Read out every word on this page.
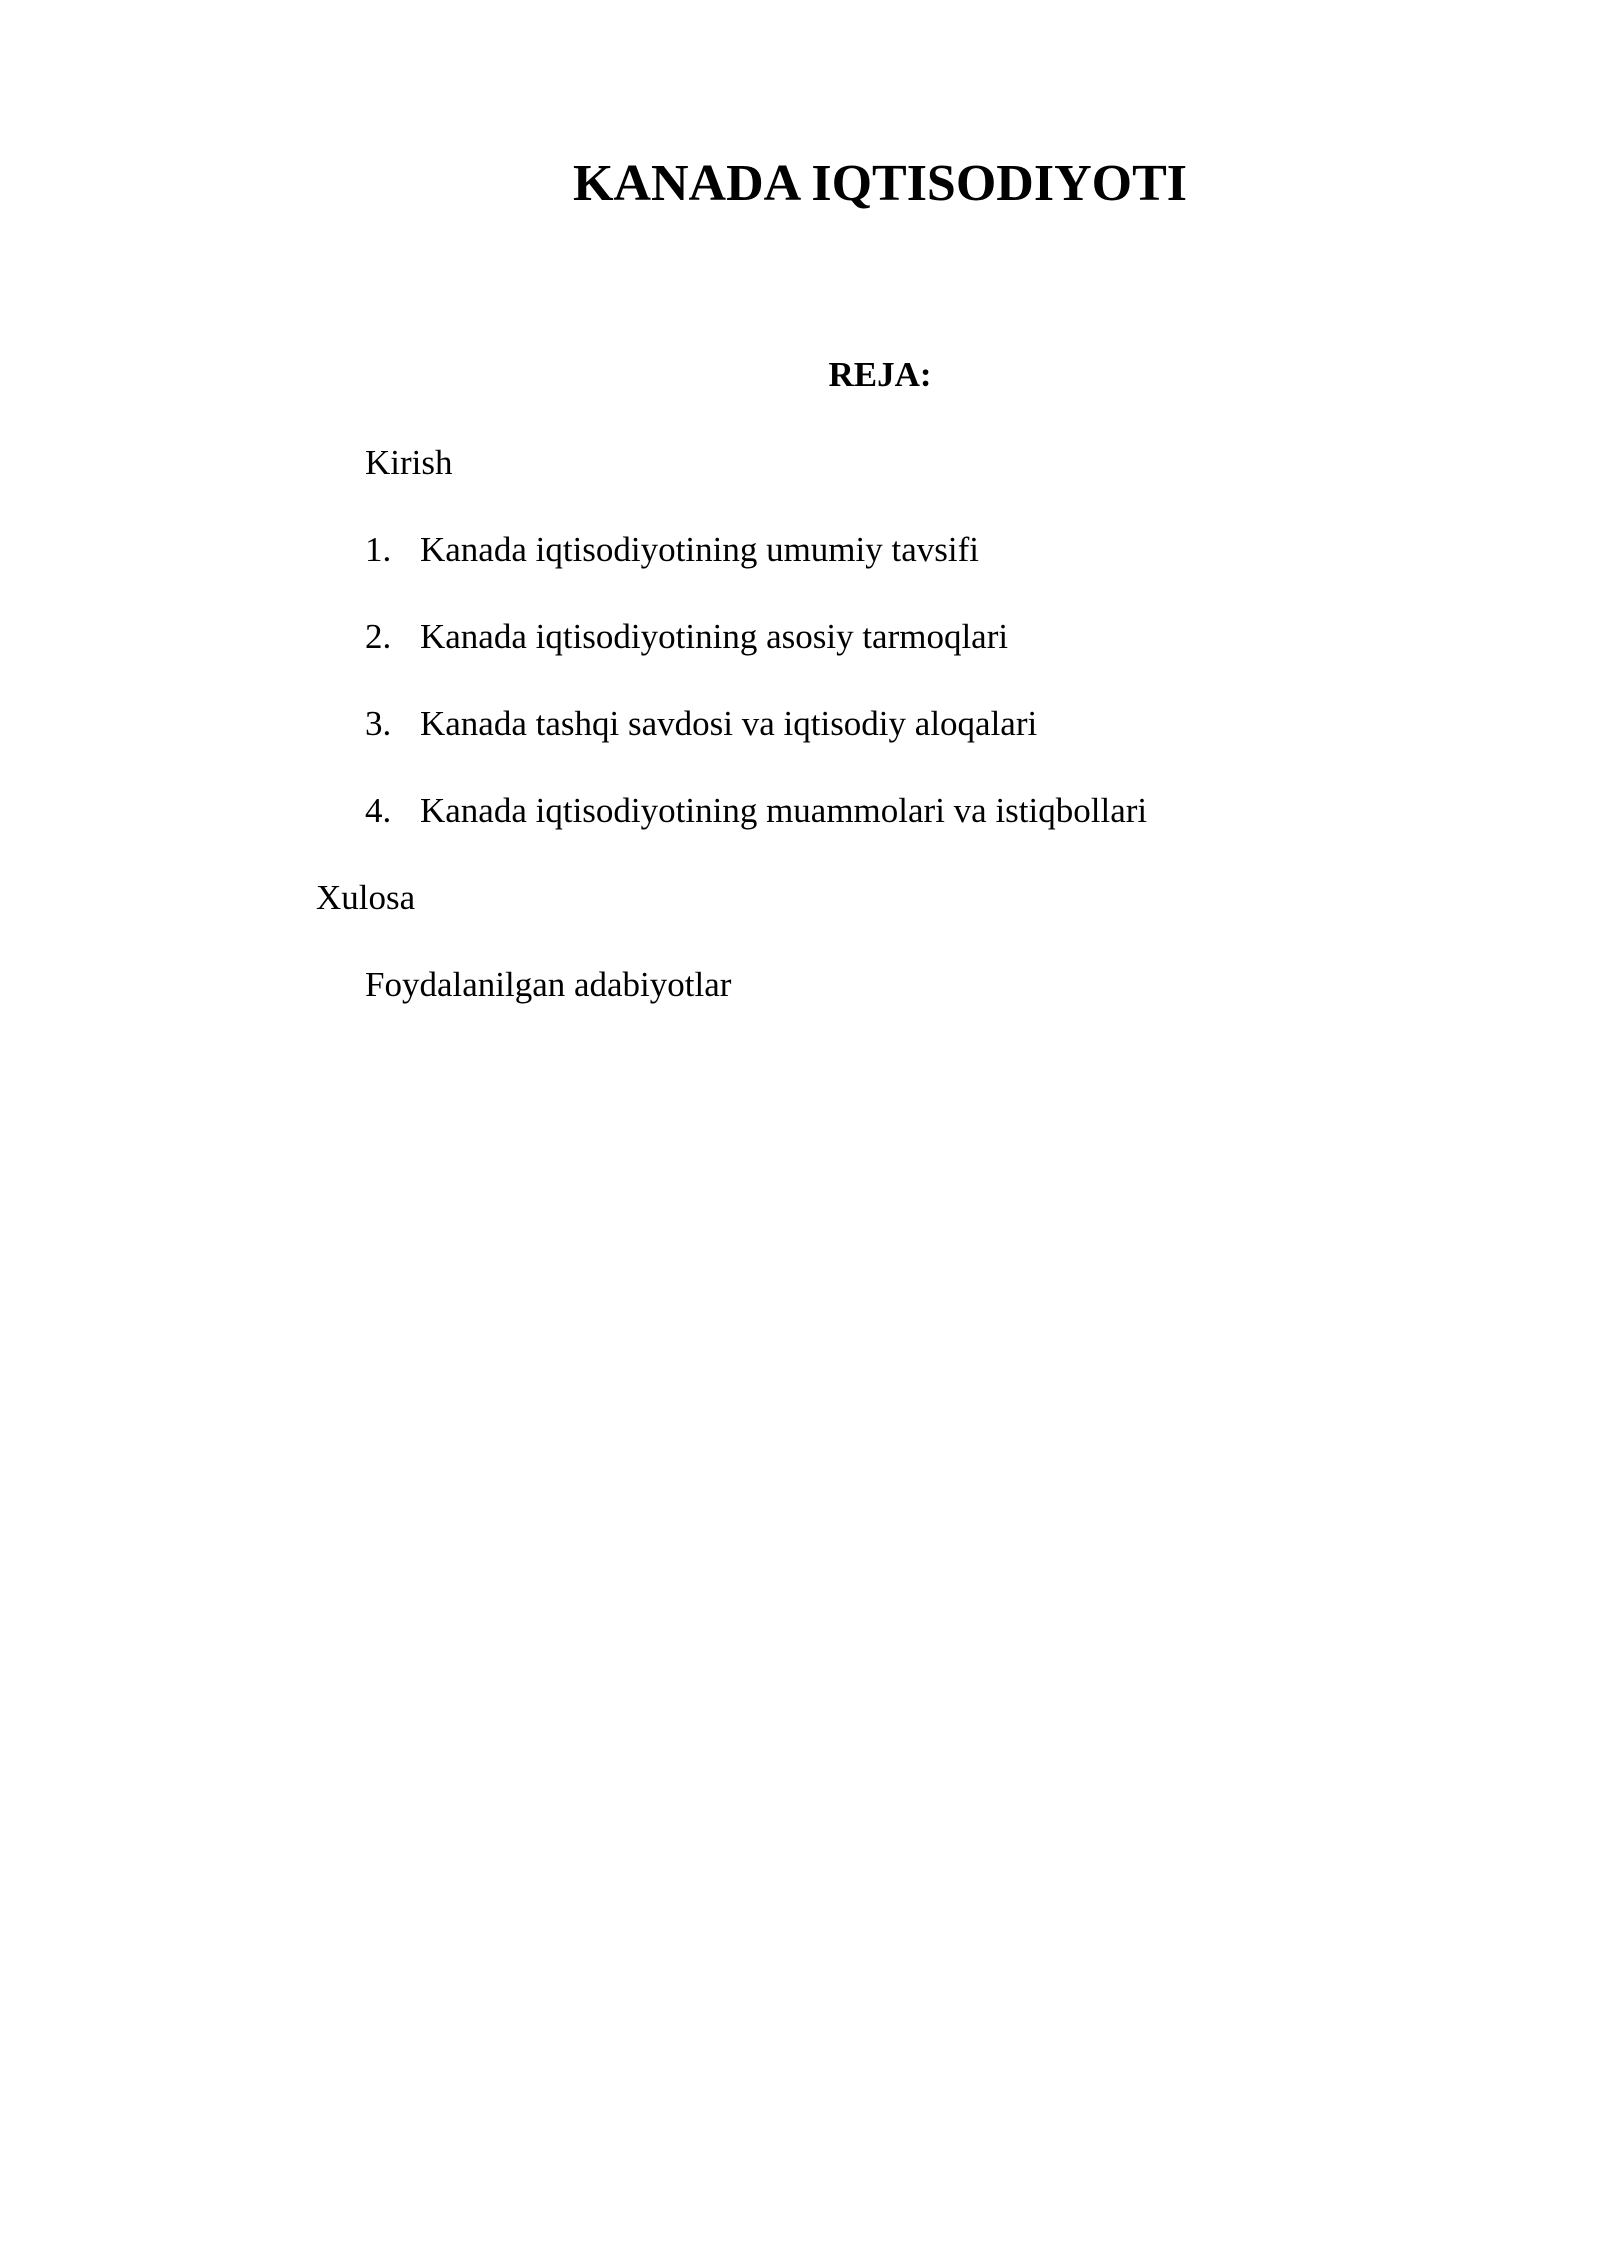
KANADA IQTISODIYOTI
REJA:
Kirish
1. Kanada iqtisodiyotining umumiy tavsifi
2. Kanada iqtisodiyotining asosiy tarmoqlari
3. Kanada tashqi savdosi va iqtisodiy aloqalari
4. Kanada iqtisodiyotining muammolari va istiqbollari
Xulosa
Foydalanilgan adabiyotlar
